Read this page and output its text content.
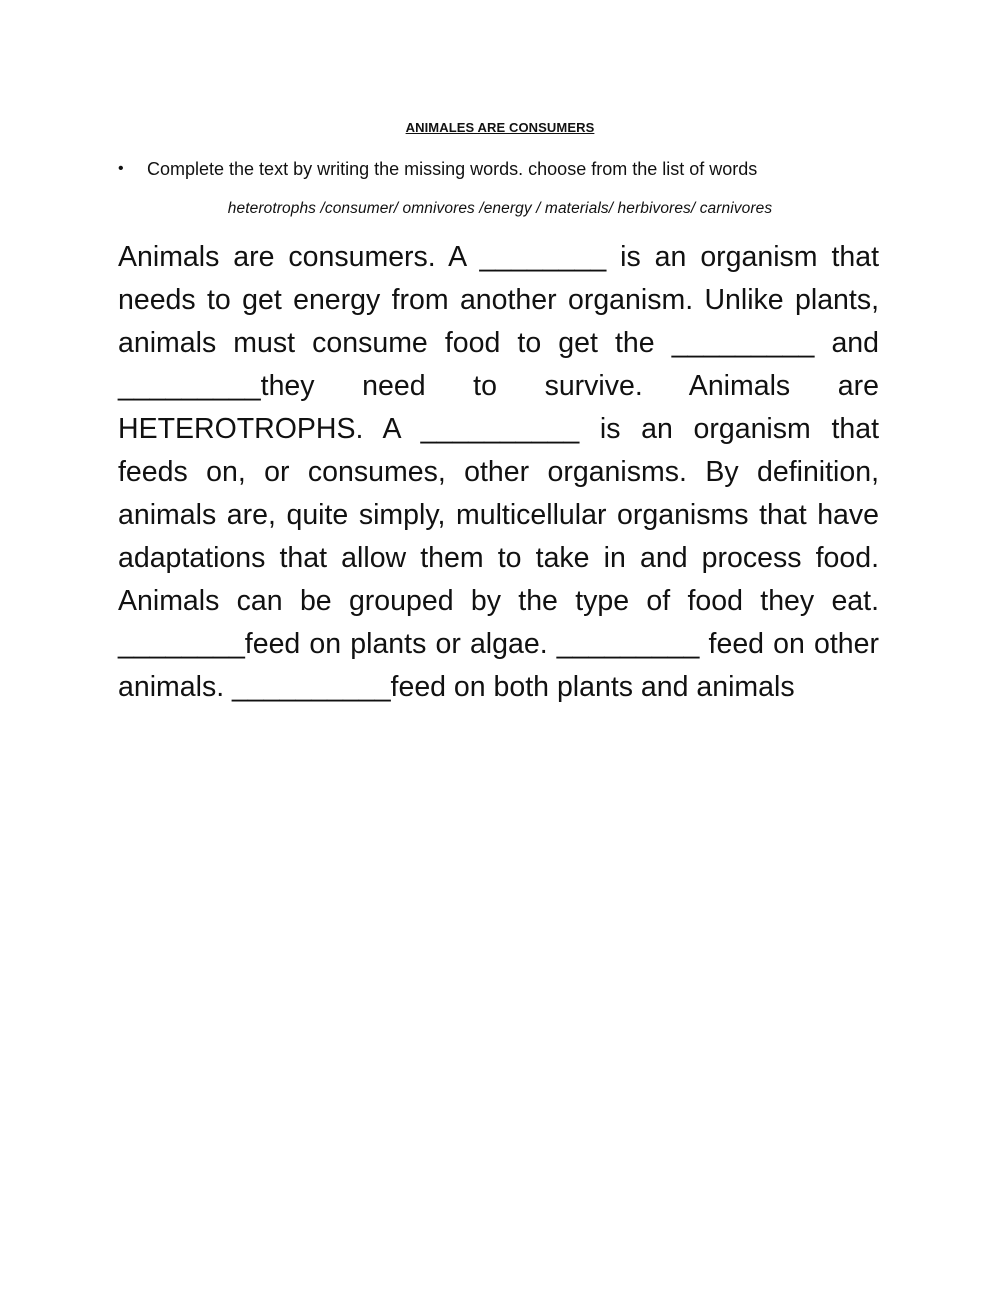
ANIMALES ARE CONSUMERS
• Complete the text by writing the missing words. choose from the list of words
heterotrophs /consumer/ omnivores /energy / materials/ herbivores/ carnivores
Animals are consumers. A ________ is an organism that needs to get energy from another organism. Unlike plants, animals must consume food to get the _________ and _________they need to survive. Animals are HETEROTROPHS. A __________ is an organism that feeds on, or consumes, other organisms. By definition, animals are, quite simply, multicellular organisms that have adaptations that allow them to take in and process food. Animals can be grouped by the type of food they eat. ________feed on plants or algae. _________ feed on other animals. __________feed on both plants and animals
